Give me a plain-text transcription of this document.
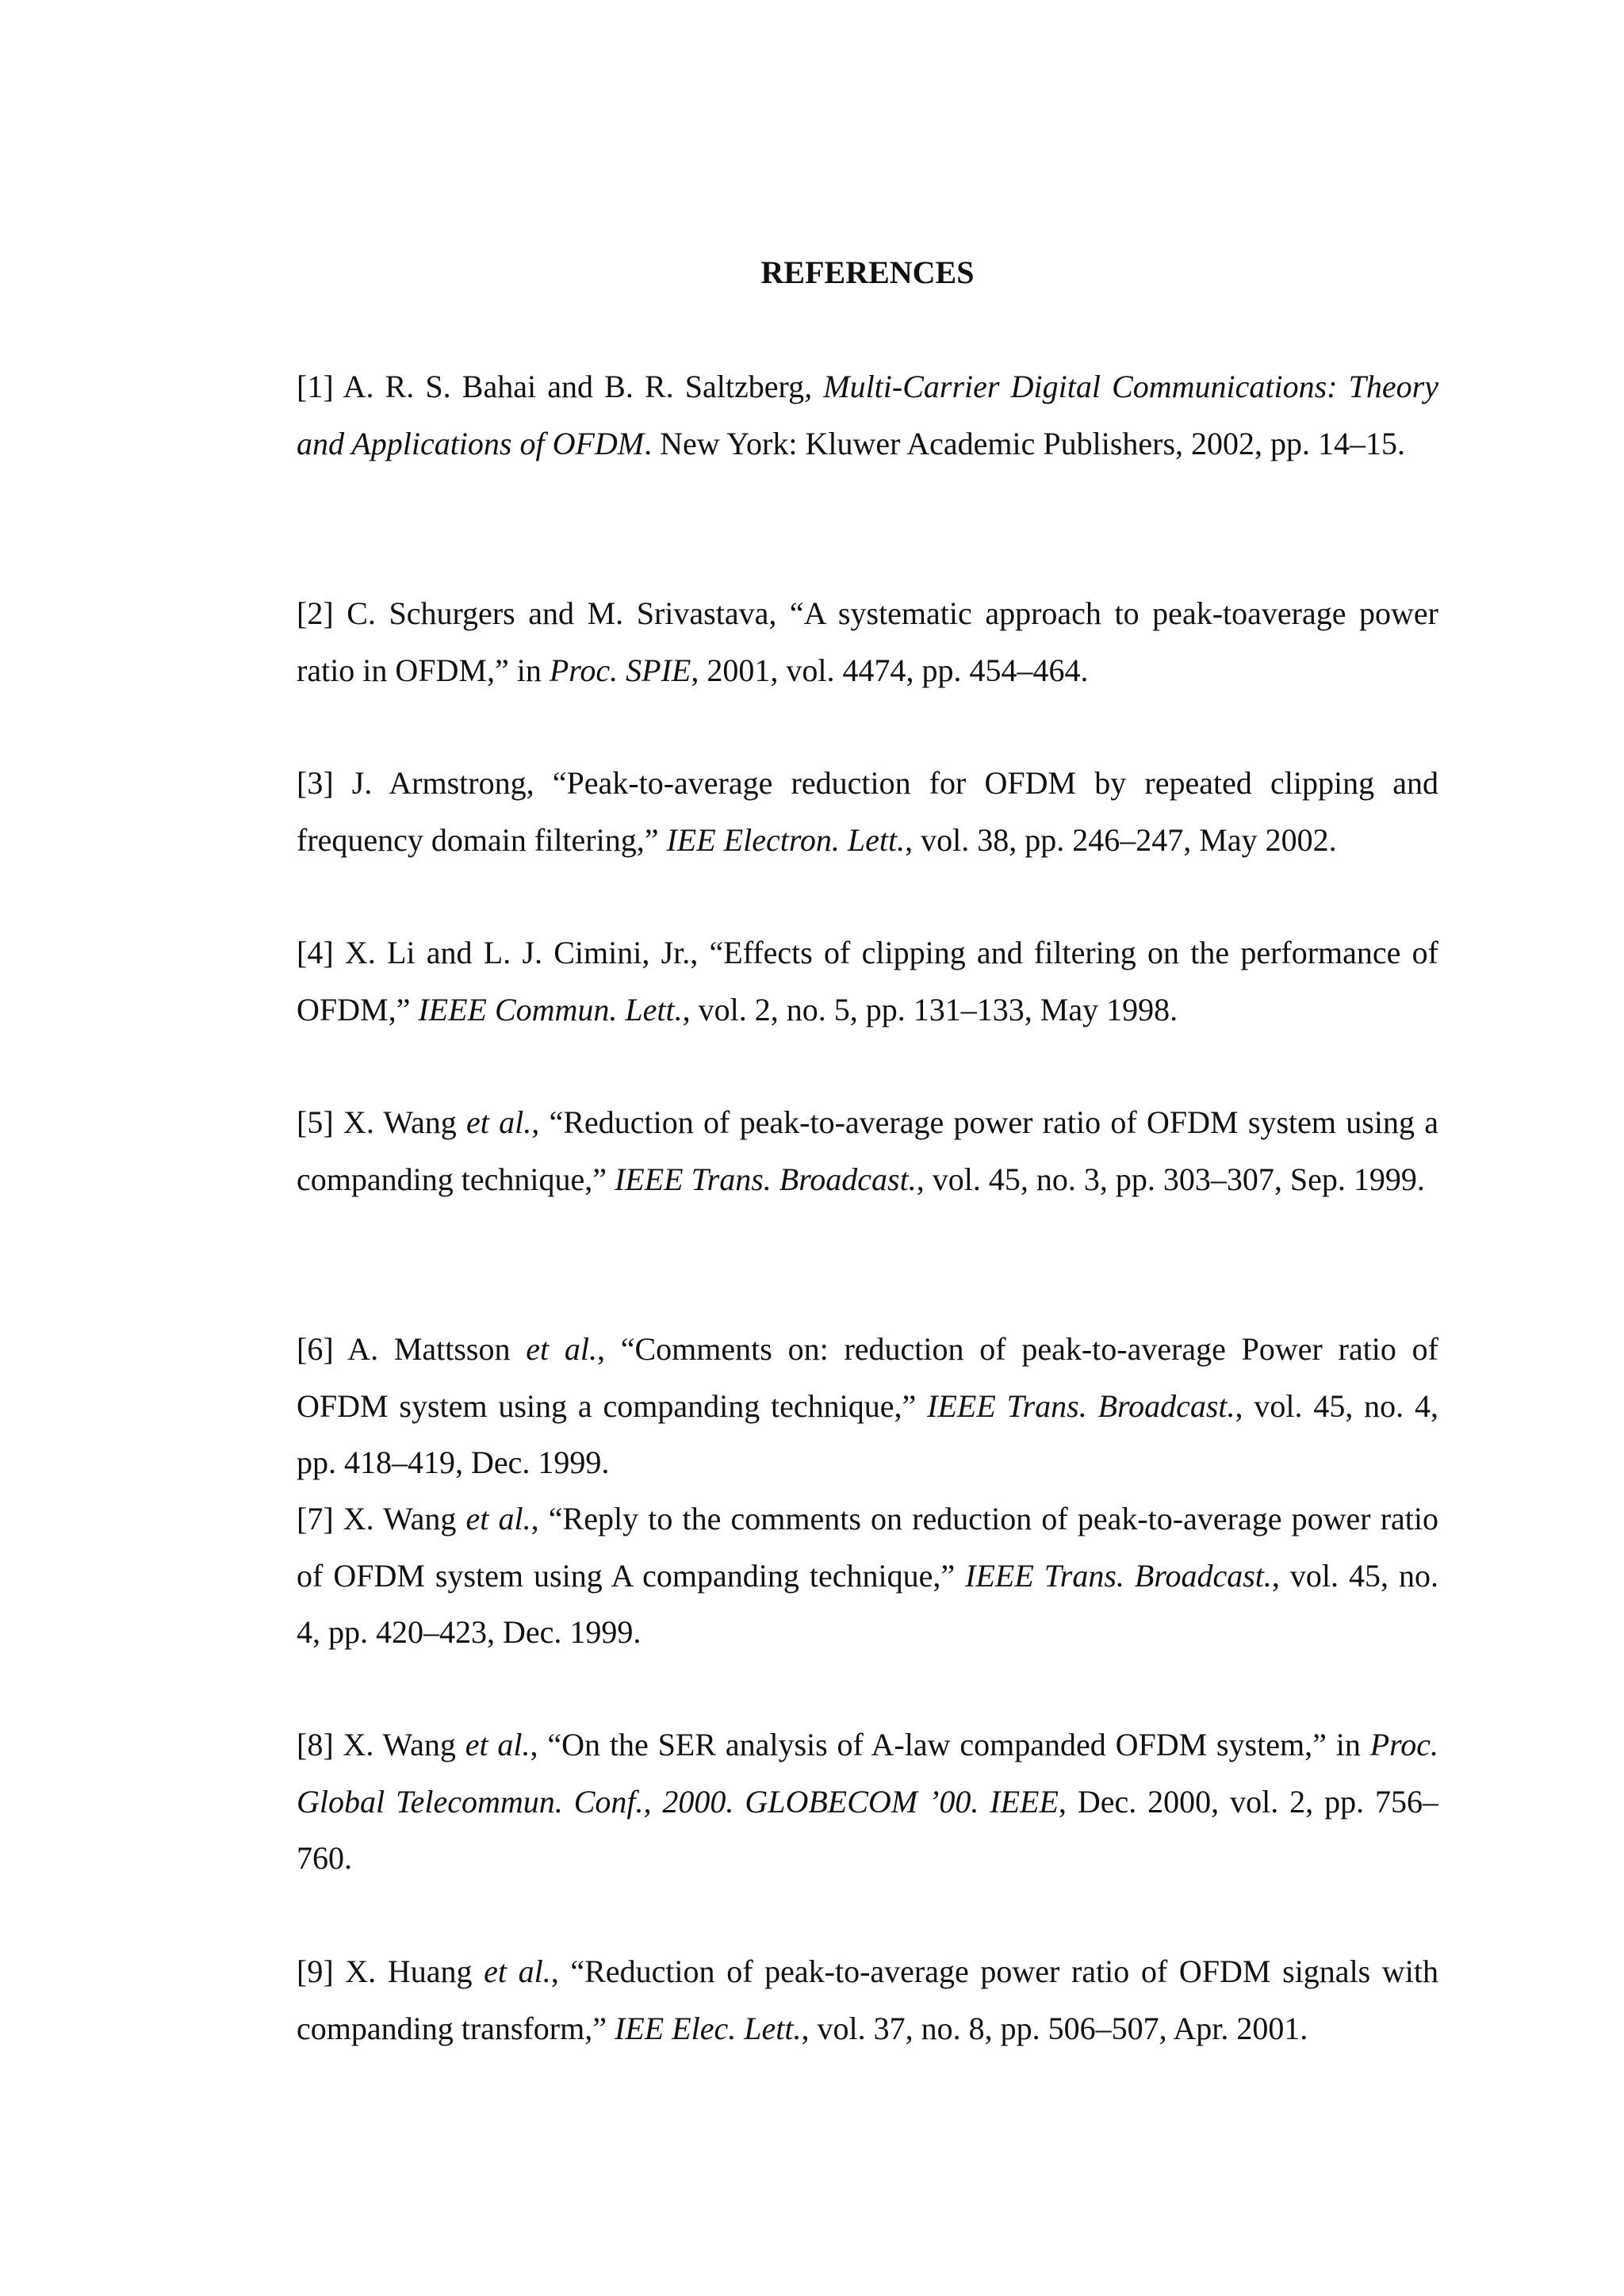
REFERENCES

[1] A. R. S. Bahai and B. R. Saltzberg, Multi-Carrier Digital Communications: Theory and Applications of OFDM. New York: Kluwer Academic Publishers, 2002, pp. 14–15.

[2] C. Schurgers and M. Srivastava, “A systematic approach to peak-toaverage power ratio in OFDM,” in Proc. SPIE, 2001, vol. 4474, pp. 454–464.

[3] J. Armstrong, “Peak-to-average reduction for OFDM by repeated clipping and frequency domain filtering,” IEE Electron. Lett., vol. 38, pp. 246–247, May 2002.

[4] X. Li and L. J. Cimini, Jr., “Effects of clipping and filtering on the performance of OFDM,” IEEE Commun. Lett., vol. 2, no. 5, pp. 131–133, May 1998.

[5] X. Wang et al., “Reduction of peak-to-average power ratio of OFDM system using a companding technique,” IEEE Trans. Broadcast., vol. 45, no. 3, pp. 303–307, Sep. 1999.

[6] A. Mattsson et al., “Comments on: reduction of peak-to-average Power ratio of OFDM system using a companding technique,” IEEE Trans. Broadcast., vol. 45, no. 4, pp. 418–419, Dec. 1999.

[7] X. Wang et al., “Reply to the comments on reduction of peak-to-average power ratio of OFDM system using A companding technique,” IEEE Trans. Broadcast., vol. 45, no. 4, pp. 420–423, Dec. 1999.

[8] X. Wang et al., “On the SER analysis of A-law companded OFDM system,” in Proc. Global Telecommun. Conf., 2000. GLOBECOM ’00. IEEE, Dec. 2000, vol. 2, pp. 756–760.

[9] X. Huang et al., “Reduction of peak-to-average power ratio of OFDM signals with companding transform,” IEE Elec. Lett., vol. 37, no. 8, pp. 506–507, Apr. 2001.
